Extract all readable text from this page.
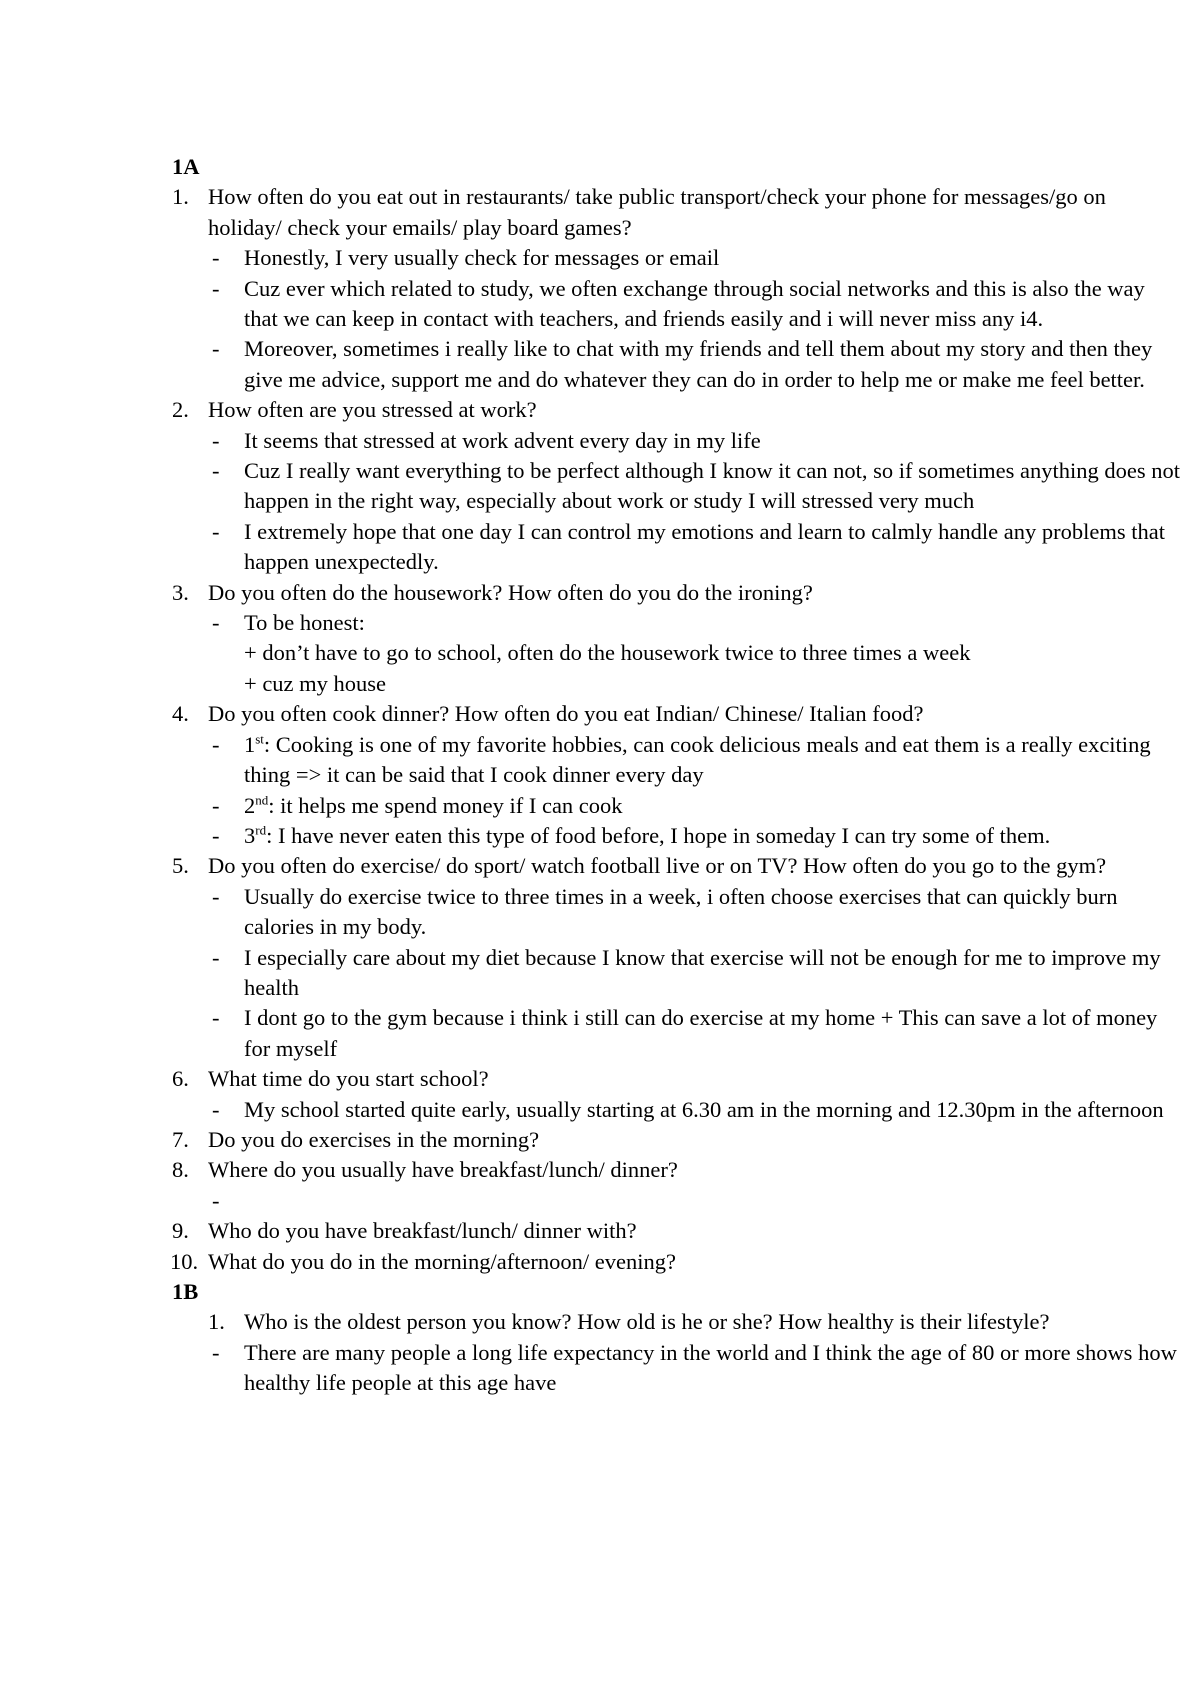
1A

1. How often do you eat out in restaurants/ take public transport/check your phone for messages/go on holiday/ check your emails/ play board games?

- Honestly, I very usually check for messages or email

- Cuz ever which related to study, we often exchange through social networks and this is also the way that we can keep in contact with teachers, and friends easily and i will never miss any i4.

- Moreover, sometimes i really like to chat with my friends and tell them about my story and then they give me advice, support me and do whatever they can do in order to help me or make me feel better.

2. How often are you stressed at work?

- It seems that stressed at work advent every day in my life

- Cuz I really want everything to be perfect although I know it can not, so if sometimes anything does not happen in the right way, especially about work or study I will stressed very much

- I extremely hope that one day I can control my emotions and learn to calmly handle any problems that happen unexpectedly.

3. Do you often do the housework? How often do you do the ironing?

- To be honest:

+ don’t have to go to school, often do the housework twice to three times a week

+ cuz my house

4. Do you often cook dinner? How often do you eat Indian/ Chinese/ Italian food?

- 1st: Cooking is one of my favorite hobbies, can cook delicious meals and eat them is a really exciting thing => it can be said that I cook dinner every day

- 2nd: it helps me spend money if I can cook

- 3rd: I have never eaten this type of food before, I hope in someday I can try some of them.

5. Do you often do exercise/ do sport/ watch football live or on TV? How often do you go to the gym?

- Usually do exercise twice to three times in a week, i often choose exercises that can quickly burn calories in my body.

- I especially care about my diet because I know that exercise will not be enough for me to improve my health

- I dont go to the gym because i think i still can do exercise at my home + This can save a lot of money for myself

6. What time do you start school?

- My school started quite early, usually starting at 6.30 am in the morning and 12.30pm in the afternoon

7. Do you do exercises in the morning?

8. Where do you usually have breakfast/lunch/ dinner?

-

9. Who do you have breakfast/lunch/ dinner with?

10. What do you do in the morning/afternoon/ evening?

1B

1. Who is the oldest person you know? How old is he or she? How healthy is their lifestyle?

- There are many people a long life expectancy in the world and I think the age of 80 or more shows how healthy life people at this age have
